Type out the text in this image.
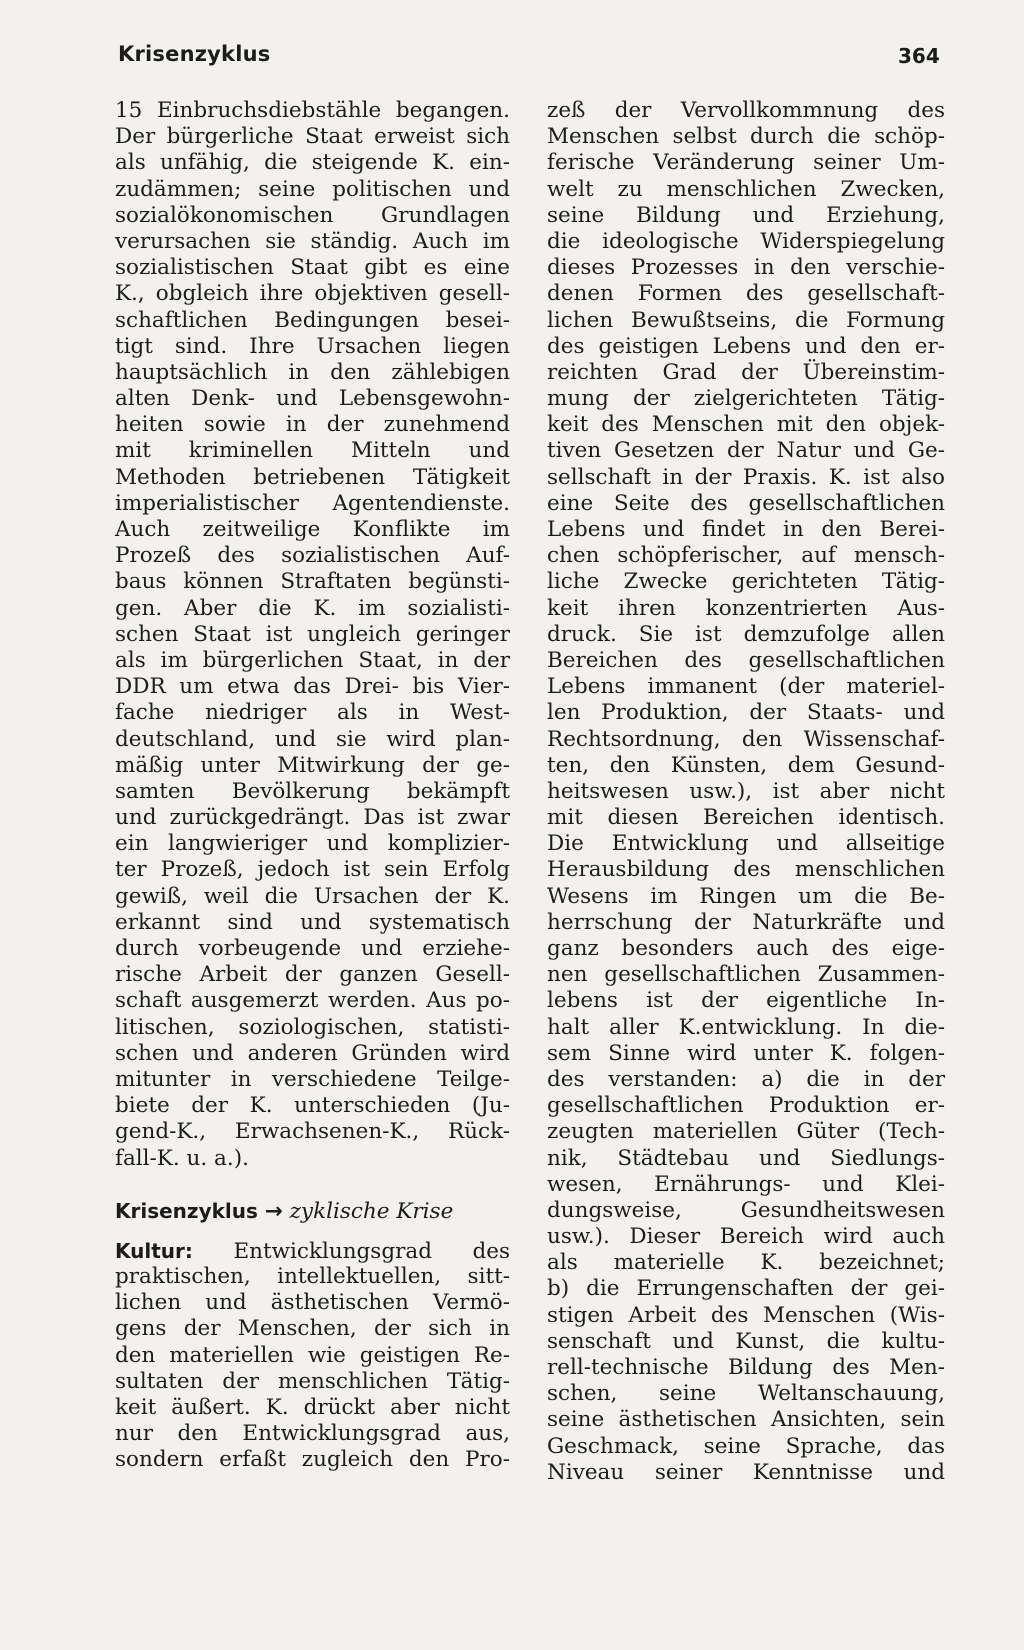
Krisenzyklus	364
15 Einbruchsdiebstähle begangen.
Der bürgerliche Staat erweist sich
als unfähig, die steigende K. ein-
zudämmen; seine politischen und
sozialökonomischen Grundlagen
verursachen sie ständig. Auch im
sozialistischen Staat gibt es eine
K., obgleich ihre objektiven gesell-
schaftlichen Bedingungen besei-
tigt sind. Ihre Ursachen liegen
hauptsächlich in den zählebigen
alten Denk- und Lebensgewohn-
heiten sowie in der zunehmend
mit kriminellen Mitteln und
Methoden betriebenen Tätigkeit
imperialistischer Agentendienste.
Auch zeitweilige Konflikte im
Prozeß des sozialistischen Auf-
baus können Straftaten begünsti-
gen. Aber die K. im sozialisti-
schen Staat ist ungleich geringer
als im bürgerlichen Staat, in der
DDR um etwa das Drei- bis Vier-
fache niedriger als in West-
deutschland, und sie wird plan-
mäßig unter Mitwirkung der ge-
samten Bevölkerung bekämpft
und zurückgedrängt. Das ist zwar
ein langwieriger und komplizier-
ter Prozeß, jedoch ist sein Erfolg
gewiß, weil die Ursachen der K.
erkannt sind und systematisch
durch vorbeugende und erziehe-
rische Arbeit der ganzen Gesell-
schaft ausgemerzt werden. Aus po-
litischen, soziologischen, statisti-
schen und anderen Gründen wird
mitunter in verschiedene Teilge-
biete der K. unterschieden (Ju-
gend-K., Erwachsenen-K., Rück-
fall-K. u. a.).
Krisenzyklus → zyklische Krise
Kultur: Entwicklungsgrad des
praktischen, intellektuellen, sitt-
lichen und ästhetischen Vermö-
gens der Menschen, der sich in
den materiellen wie geistigen Re-
sultaten der menschlichen Tätig-
keit äußert. K. drückt aber nicht
nur den Entwicklungsgrad aus,
sondern erfaßt zugleich den Pro-
zeß der Vervollkommnung des
Menschen selbst durch die schöp-
ferische Veränderung seiner Um-
welt zu menschlichen Zwecken,
seine Bildung und Erziehung,
die ideologische Widerspiegelung
dieses Prozesses in den verschie-
denen Formen des gesellschaft-
lichen Bewußtseins, die Formung
des geistigen Lebens und den er-
reichten Grad der Übereinstim-
mung der zielgerichteten Tätig-
keit des Menschen mit den objek-
tiven Gesetzen der Natur und Ge-
sellschaft in der Praxis. K. ist also
eine Seite des gesellschaftlichen
Lebens und findet in den Berei-
chen schöpferischer, auf mensch-
liche Zwecke gerichteten Tätig-
keit ihren konzentrierten Aus-
druck. Sie ist demzufolge allen
Bereichen des gesellschaftlichen
Lebens immanent (der materiel-
len Produktion, der Staats- und
Rechtsordnung, den Wissenschaf-
ten, den Künsten, dem Gesund-
heitswesen usw.), ist aber nicht
mit diesen Bereichen identisch.
Die Entwicklung und allseitige
Herausbildung des menschlichen
Wesens im Ringen um die Be-
herrschung der Naturkräfte und
ganz besonders auch des eige-
nen gesellschaftlichen Zusammen-
lebens ist der eigentliche In-
halt aller K.entwicklung. In die-
sem Sinne wird unter K. folgen-
des verstanden: a) die in der
gesellschaftlichen Produktion er-
zeugten materiellen Güter (Tech-
nik, Städtebau und Siedlungs-
wesen, Ernährungs- und Klei-
dungsweise, Gesundheitswesen
usw.). Dieser Bereich wird auch
als materielle K. bezeichnet;
b) die Errungenschaften der gei-
stigen Arbeit des Menschen (Wis-
senschaft und Kunst, die kultu-
rell-technische Bildung des Men-
schen, seine Weltanschauung,
seine ästhetischen Ansichten, sein
Geschmack, seine Sprache, das
Niveau seiner Kenntnisse und
